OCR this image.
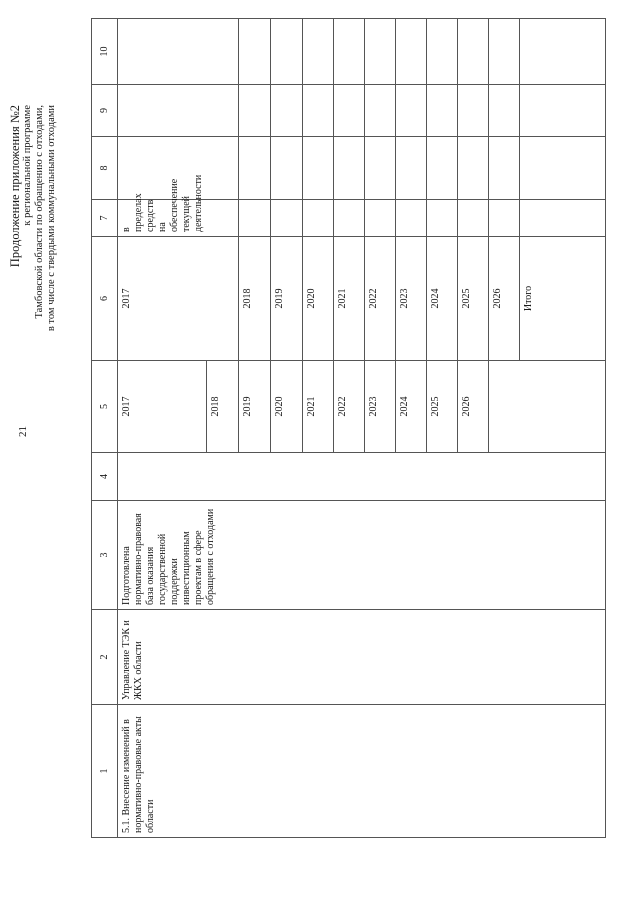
21
Продолжение приложения №2 к региональной программе Тамбовской области по обращению с отходами, в том числе с твердыми коммунальными отходами
1	2	3	4	5	6	7	8	9	10	
5.1. Внесение изменений в нормативно-правовые акты области	Управление ТЭК и ЖКХ области	Подготовлена нормативно-правовая база оказания государственной поддержки инвестиционным проектам в сфере обращения с отходами		2017	2017	в пределах средств на обеспечение текущей деятельности				
				2018						
				2019	2018					
				2020	2019					
				2021	2020					
				2022	2021					
				2023	2022					
				2024	2023					
				2025	2024					
				2026	2025					
					2026					
					Итого					
